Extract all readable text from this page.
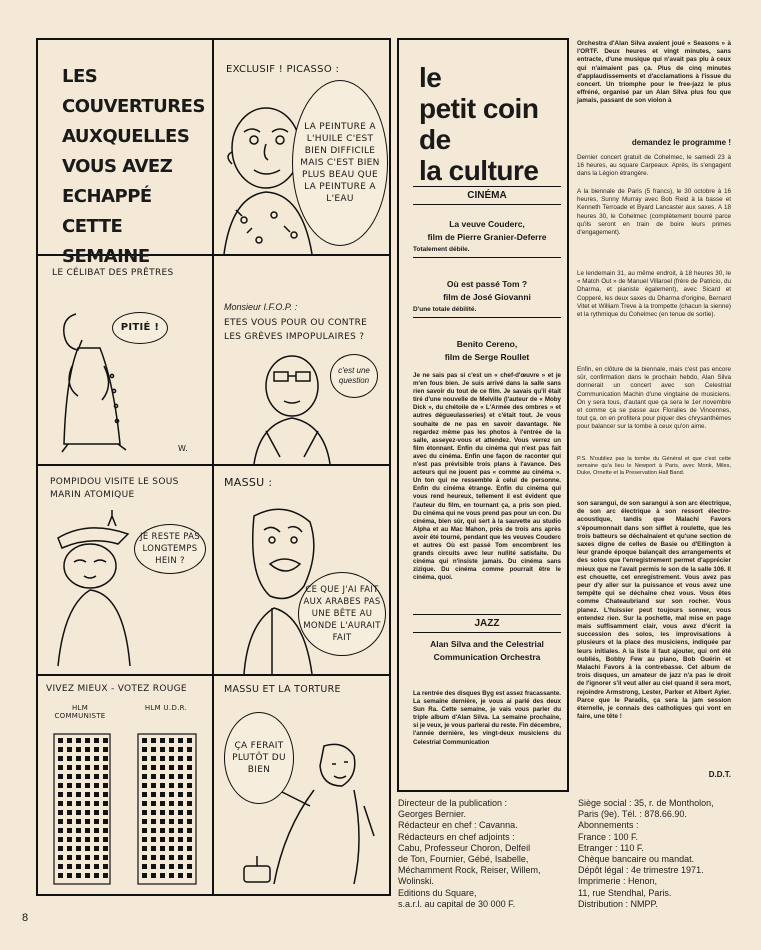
LES
COUVERTURES
AUXQUELLES
VOUS AVEZ
ECHAPPÉ
CETTE SEMAINE
EXCLUSIF ! PICASSO :
LA PEINTURE A L'HUILE C'EST BIEN DIFFICILE MAIS C'EST BIEN PLUS BEAU QUE LA PEINTURE A L'EAU
LE CÉLIBAT DES PRÊTRES
PITIÉ !
W.
Monsieur I.F.O.P. :
ETES VOUS POUR OU CONTRE LES GRÈVES IMPOPULAIRES ?
c'est une question
POMPIDOU VISITE LE SOUS MARIN ATOMIQUE
JE RESTE PAS LONGTEMPS HEIN ?
MASSU :
CE QUE J'AI FAIT AUX ARABES PAS UNE BÊTE AU MONDE L'AURAIT FAIT
VIVEZ MIEUX - VOTEZ ROUGE
HLM COMMUNISTE
HLM U.D.R.
MASSU ET LA TORTURE
ÇA FERAIT PLUTÔT DU BIEN
le
petit coin
de
la culture
CINÉMA
La veuve Couderc,
film de Pierre Granier-Deferre
Totalement débile.
Où est passé Tom ?
film de José Giovanni
D'une totale débilité.
Benito Cereno,
film de Serge Roullet
Je ne sais pas si c'est un « chef-d'œuvre » et je m'en fous bien. Je suis arrivé dans la salle sans rien savoir du tout de ce film. Je savais qu'il était tiré d'une nouvelle de Melville (l'auteur de « Moby Dick », du chétoile de « L'Armée des ombres » et autres dégueulasseries) et c'était tout. Je vous souhaite de ne pas en savoir davantage. Ne regardez même pas les photos à l'entrée de la salle, asseyez-vous et attendez. Vous verrez un film étonnant. Enfin du cinéma qui n'est pas fait avec du cinéma. Enfin une façon de raconter qui n'est pas prévisible trois plans à l'avance. Des acteurs qui ne jouent pas « comme au cinéma ». Un ton qui ne ressemble à celui de personne. Enfin du cinéma étrange. Enfin du cinéma qui vous rend heureux, tellement il est évident que l'auteur du film, en tournant ça, a pris son pied. Du cinéma qui ne vous prend pas pour un con. Du cinéma, bien sûr, qui sert à la sauvette au studio Alpha et au Mac Mahon, près de trois ans après avoir été tourné, pendant que les veuves Couderc et autres Où est passé Tom encombrent les grands circuits avec leur nullité satisfaite. Du cinéma qui n'insiste jamais. Du cinéma sans zizique. Du cinéma comme pourrait être le cinéma, quoi.
JAZZ
Alan Silva and the Celestrial Communication Orchestra
La rentrée des disques Byg est assez fracassante. La semaine dernière, je vous ai parlé des deux Sun Ra. Cette semaine, je vais vous parler du triple album d'Alan Silva. La semaine prochaine, si je veux, je vous parlerai du reste. Fin décembre, l'année dernière, les vingt-deux musiciens du Celestrial Communication
Orchestra d'Alan Silva avaient joué « Seasons » à l'ORTF. Deux heures et vingt minutes, sans entracte, d'une musique qui n'avait pas plu à ceux qui n'aimaient pas ça. Plus de cinq minutes d'applaudissements et d'acclamations à l'issue du concert. Un triomphe pour le free-jazz le plus effréné, organisé par un Alan Silva plus fou que jamais, passant de son violon à
demandez le programme !
Dernier concert gratuit de Cohelmec, le samedi 23 à 16 heures, au square Carpeaux. Après, ils s'engagent dans la Légion étrangère.
A la biennale de Paris (5 francs), le 30 octobre à 16 heures, Sunny Murray avec Bob Reid à la basse et Kenneth Terroade et Byard Lancaster aux saxes. A 18 heures 30, le Cohelmec (complètement bourré parce qu'ils seront en train de boire leurs primes d'engagement).
Le lendemain 31, au même endroit, à 18 heures 30, le « Match Out » de Manuel Villaroel (frère de Patricio, du Dharma, et pianiste également), avec Sicard et Copperé, les deux saxes du Dharma d'origine, Bernard Vitet et William Treve à la trompette (chacun la sienne) et la rythmique du Cohelmec (en tenue de sortie).
Enfin, en clôture de la biennale, mais c'est pas encore sûr, confirmation dans le prochain hebdo, Alan Silva donnerait un concert avec son Celestrial Communication Machin d'une vingtaine de musiciens. On y sera tous, d'autant que ça sera le 1er novembre et comme ça se passe aux Floralies de Vincennes, tout ça, on en profitera pour piquer des chrysanthèmes pour balancer sur la tombe à ceux qu'on aime.
P.S. N'oubliez pas la tombe du Général et que c'est cette semaine qu'a lieu le Newport à Paris, avec Monk, Miles, Duke, Ornette et la Preservation Hall Band.
son sarangui, de son sarangui à son arc électrique, de son arc électrique à son ressort électro-acoustique, tandis que Malachi Favors s'époumonnait dans son sifflet à roulette, que les trois batteurs se déchaînaient et qu'une section de saxes digne de celles de Basie ou d'Ellington à leur grande époque balançait des arrangements et des solos que l'enregistrement permet d'apprécier mieux que ne l'avait permis le son de la salle 106. Il est chouette, cet enregistrement. Vous avez pas peur d'y aller sur la puissance et vous avez une tempête qui se déchaîne chez vous. Vous êtes comme Chateaubriand sur son rocher. Vous planez. L'huissier peut toujours sonner, vous entendez rien. Sur la pochette, mal mise en page mais suffisamment clair, vous avez d'écrit la succession des solos, les improvisations à plusieurs et la place des musiciens, indiquée par leurs initiales. A la liste il faut ajouter, qui ont été oubliés, Bobby Few au piano, Bob Guérin et Malachi Favors à la contrebasse. Cet album de trois disques, un amateur de jazz n'a pas le droit de l'ignorer s'il veut aller au ciel quand il sera mort, rejoindre Armstrong, Lester, Parker et Albert Ayler. Parce que le Paradis, ça sera la jam session éternelle, je connais des catholiques qui vont en faire, une tête !
D.D.T.
Directeur de la publication :
Georges Bernier.
Rédacteur en chef : Cavanna.
Rédacteurs en chef adjoints :
Cabu, Professeur Choron, Delfeil
de Ton, Fournier, Gébé, Isabelle,
Méchamment Rock, Reiser, Willem,
Wolinski.
Editions du Square,
s.a.r.l. au capital de 30 000 F.
Siège social : 35, r. de Montholon,
Paris (9e). Tél. : 878.66.90.
Abonnements :
France : 100 F.
Etranger : 110 F.
Chèque bancaire ou mandat.
Dépôt légal : 4e trimestre 1971.
Imprimerie : Henon,
11, rue Stendhal, Paris.
Distribution : NMPP.
8
